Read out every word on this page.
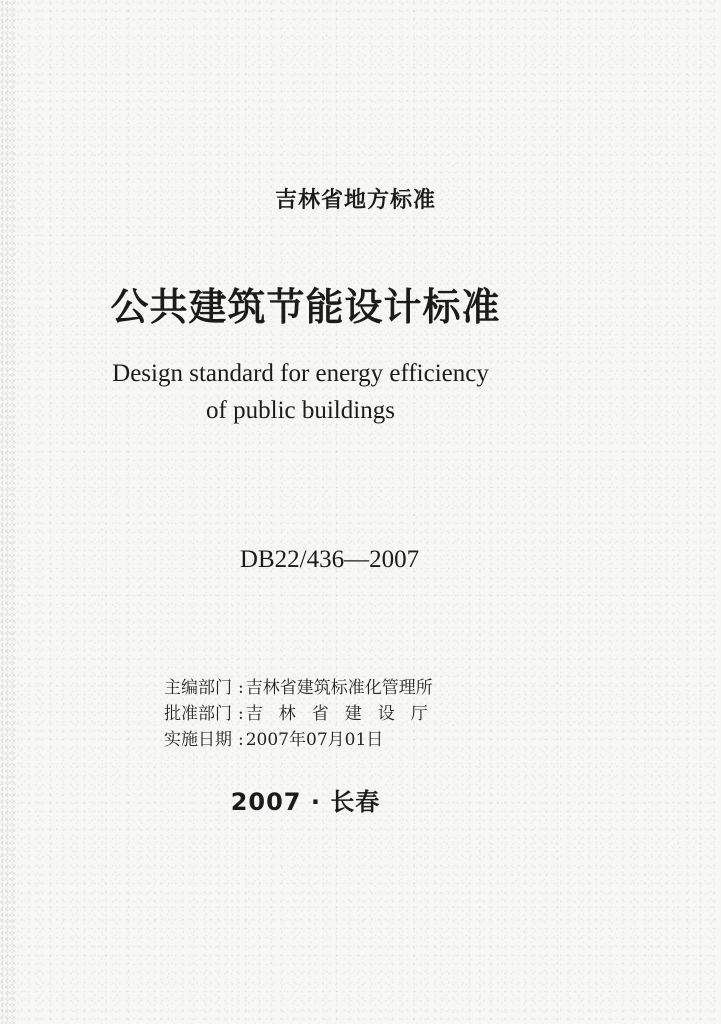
吉林省地方标准
公共建筑节能设计标准
Design standard for energy efficiency
of public buildings
DB22/436—2007
主编部门 : 吉林省建筑标准化管理所
批准部门 : 吉林省建设厅
实施日期 : 2007年07月01日
2007 · 长春
